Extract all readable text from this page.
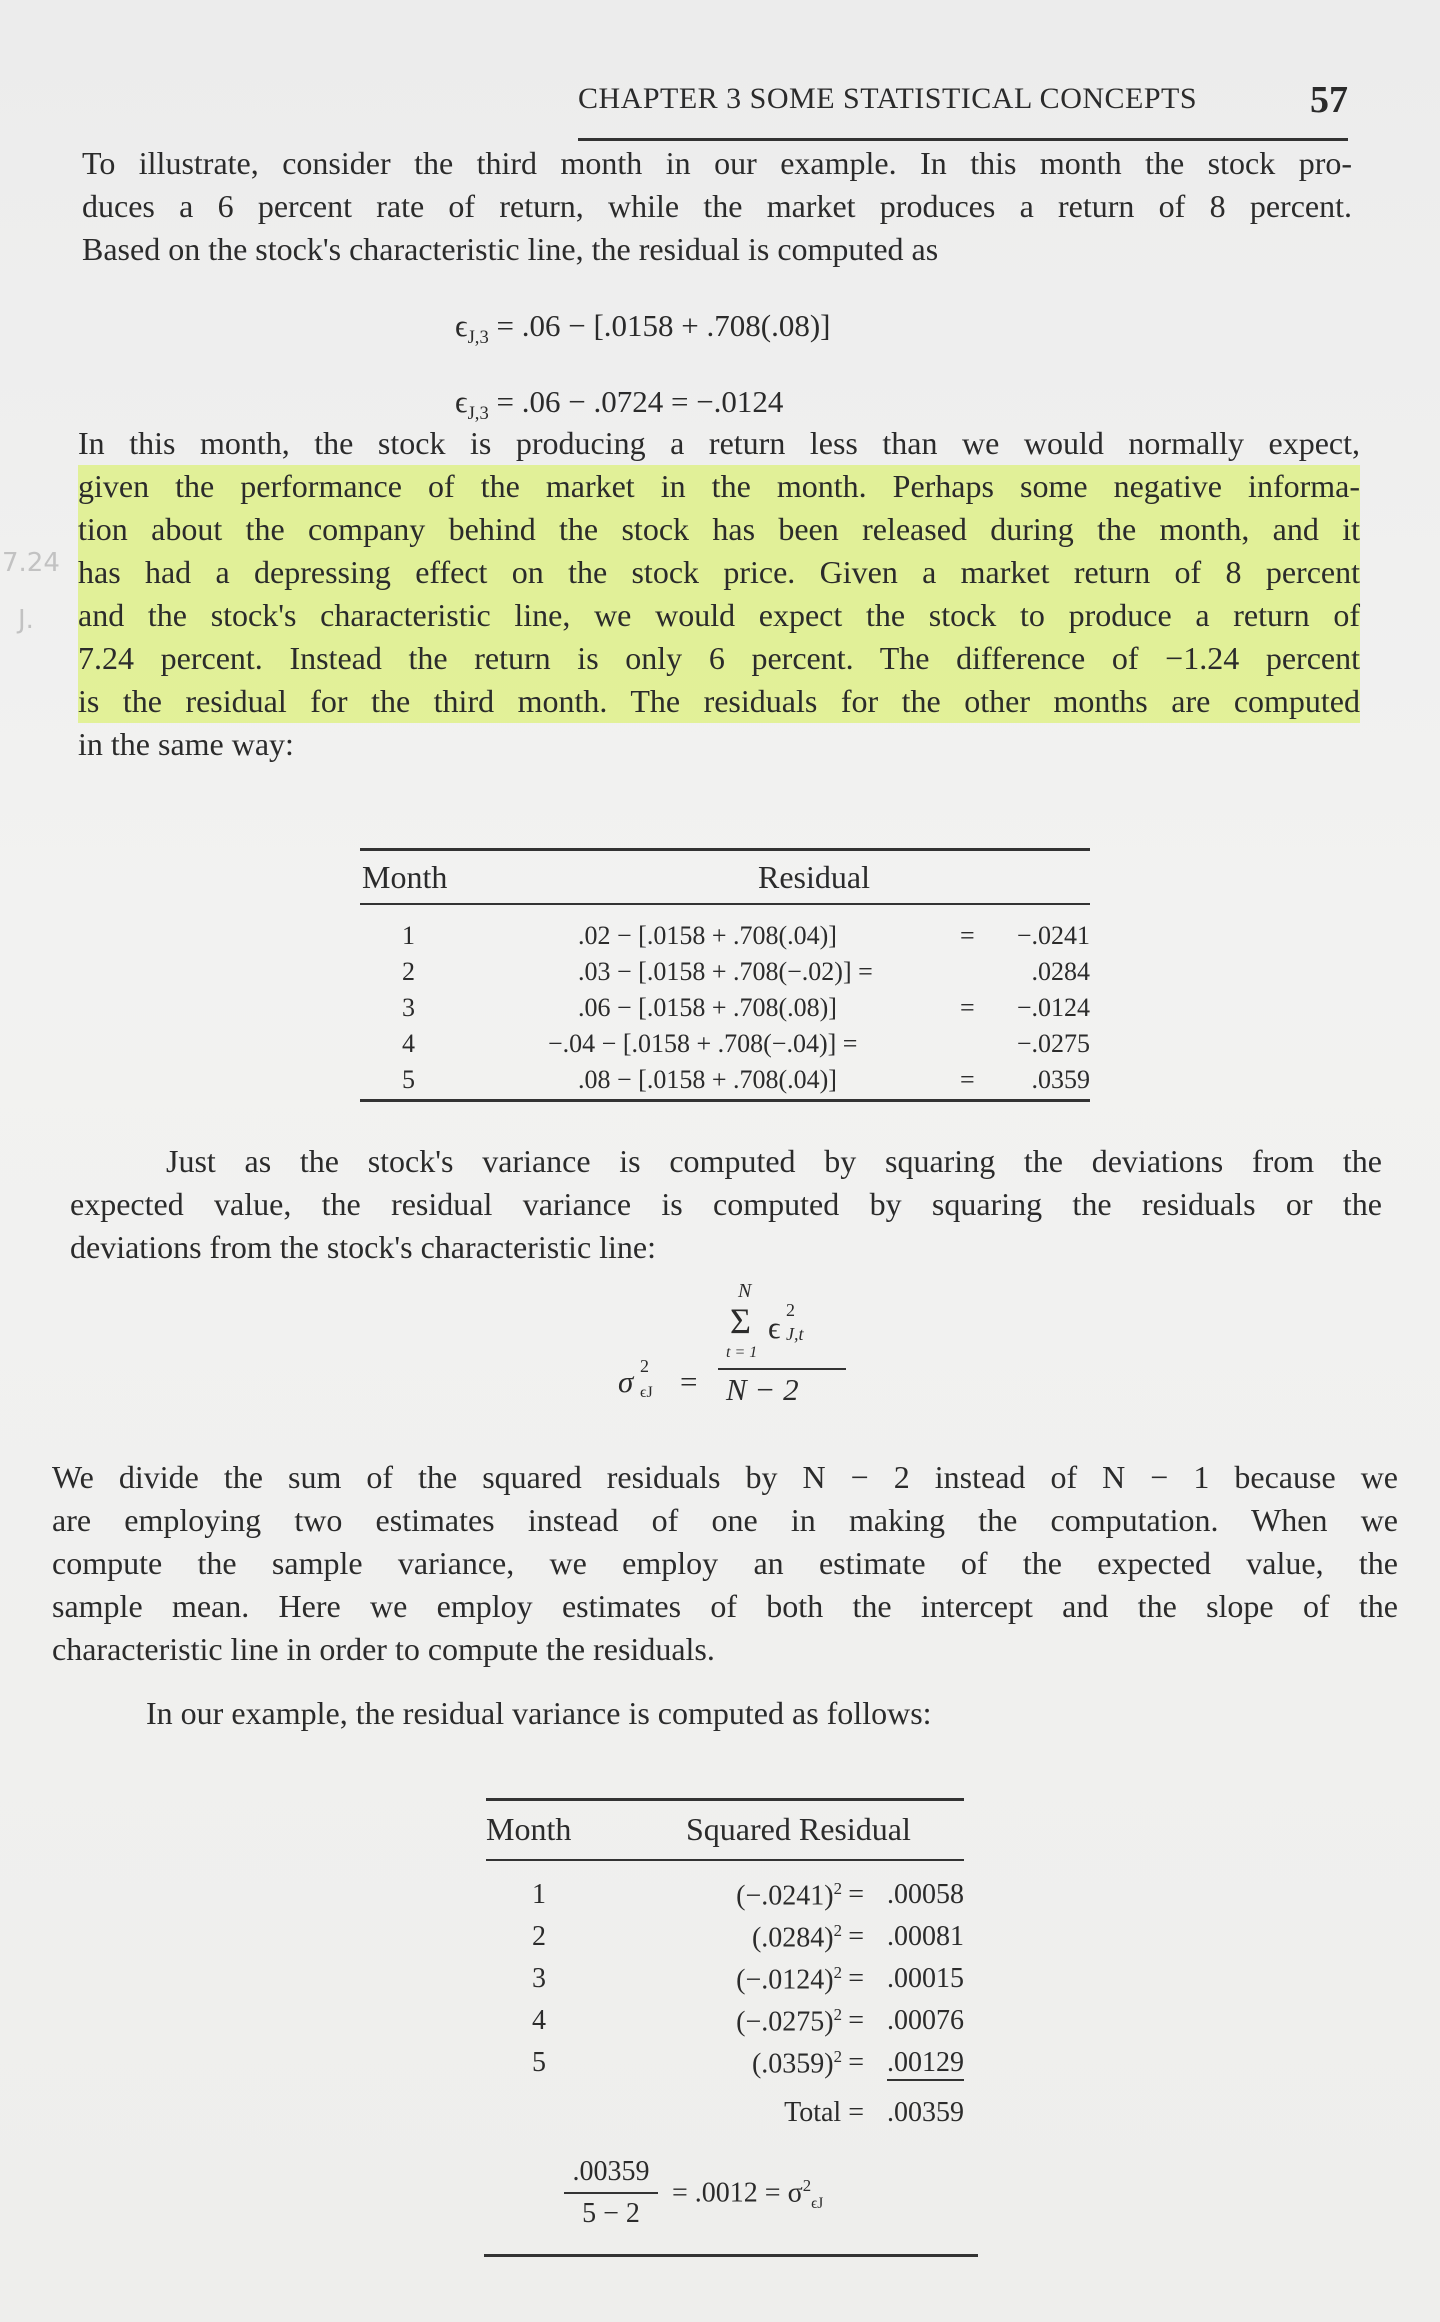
CHAPTER 3 SOME STATISTICAL CONCEPTS	57
7.24
J.
To illustrate, consider the third month in our example. In this month the stock pro-
duces a 6 percent rate of return, while the market produces a return of 8 percent.
Based on the stock's characteristic line, the residual is computed as
$\epsilon_{J,3} = .06 - [.0158 + .708(.08)]$
$\epsilon_{J,3} = .06 - .0724 = -.0124$
In this month, the stock is producing a return less than we would normally expect,
given the performance of the market in the month. Perhaps some negative informa-
tion about the company behind the stock has been released during the month, and it
has had a depressing effect on the stock price. Given a market return of 8 percent
and the stock's characteristic line, we would expect the stock to produce a return of
7.24 percent. Instead the return is only 6 percent. The difference of −1.24 percent
is the residual for the third month. The residuals for the other months are computed
in the same way:
Month	Residual
1	.02 − [.0158 + .708(.04)]	= −.0241
2	.03 − [.0158 + .708(−.02)] =	.0284
3	.06 − [.0158 + .708(.08)]	= −.0124
4	−.04 − [.0158 + .708(−.04)] =	−.0275
5	.08 − [.0158 + .708(.04)]	= .0359
Just as the stock's variance is computed by squaring the deviations from the
expected value, the residual variance is computed by squaring the residuals or the
deviations from the stock's characteristic line:
σ 2
ϵJ =
N
Σ ϵ 2
J,t
t = 1
N − 2
We divide the sum of the squared residuals by N − 2 instead of N − 1 because we
are employing two estimates instead of one in making the computation. When we
compute the sample variance, we employ an estimate of the expected value, the
sample mean. Here we employ estimates of both the intercept and the slope of the
characteristic line in order to compute the residuals.
In our example, the residual variance is computed as follows:
Month	Squared Residual
1	$(-.0241)^2 = .00058$
2	$(.0284)^2 = .00081$
3	$(-.0124)^2 = .00015$
4	$(-.0275)^2 = .00076$
5	$(.0359)^2 = .00129$
Total = .00359
.00359
5 − 2
= $.0012 = \sigma^2_{\epsilon J}$
